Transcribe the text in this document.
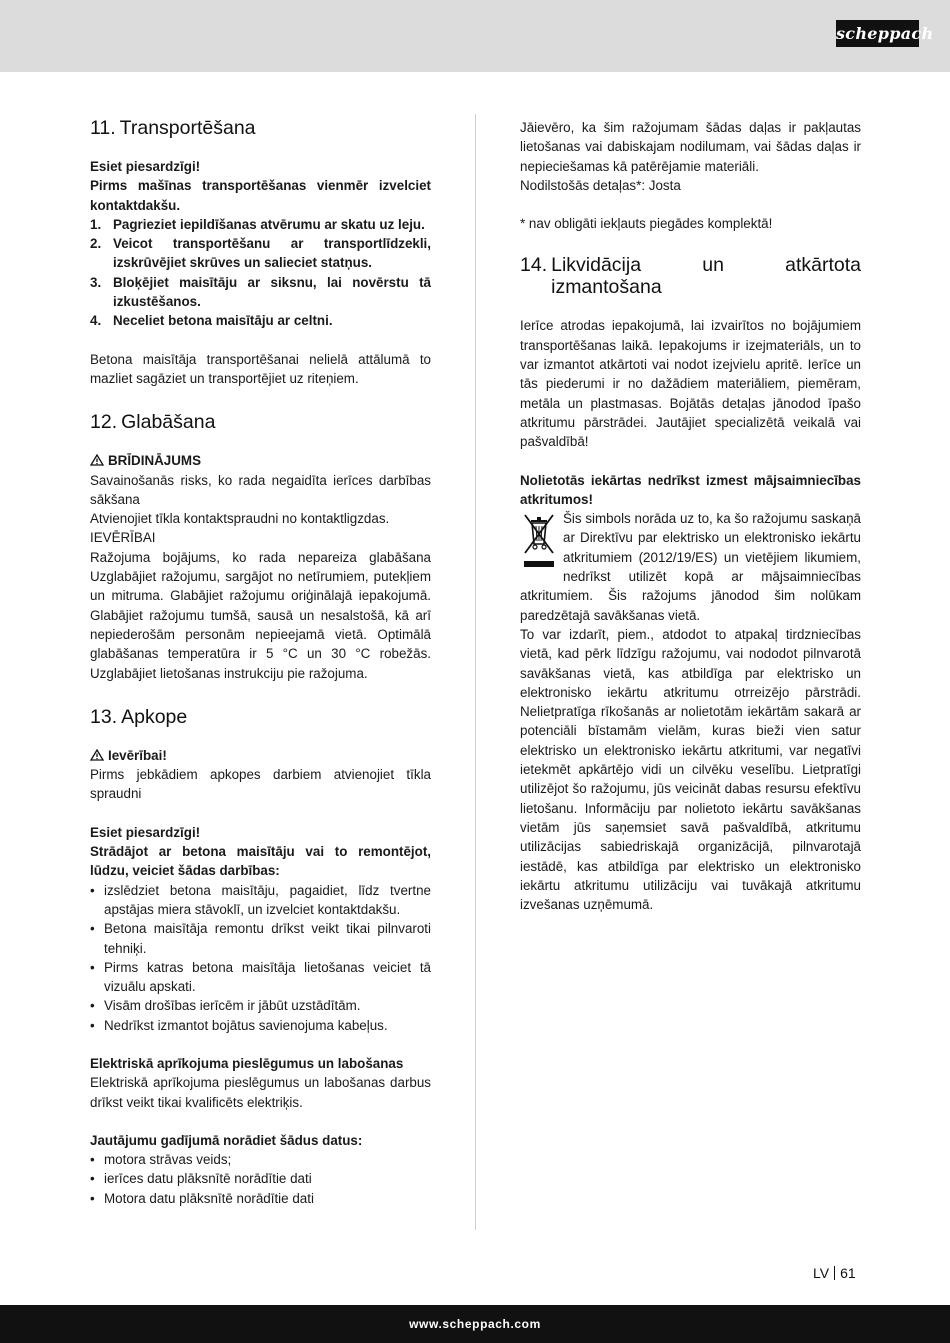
scheppach
11. Transportēšana

Esiet piesardzīgi!

Pirms mašīnas transportēšanas vienmēr izvelciet kontaktdakšu.

1. Pagrieziet iepildīšanas atvērumu ar skatu uz leju.
2. Veicot transportēšanu ar transportlīdzekli, izskrūvējiet skrūves un salieciet statņus.
3. Bloķējiet maisītāju ar siksnu, lai novērstu tā izkustēšanos.
4. Neceliet betona maisītāju ar celtni.

Betona maisītāja transportēšanai nelielā attālumā to mazliet sagāziet un transportējiet uz riteņiem.

12. Glabāšana

BRĪDINĀJUMS

Savainošanās risks, ko rada negaidīta ierīces darbības sākšana

Atvienojiet tīkla kontaktspraudni no kontaktligzdas.

IEVĒRĪBAI

Ražojuma bojājums, ko rada nepareiza glabāšana Uzglabājiet ražojumu, sargājot no netīrumiem, putekļiem un mitruma. Glabājiet ražojumu oriģinālajā iepakojumā. Glabājiet ražojumu tumšā, sausā un nesalstošā, kā arī nepiederošām personām nepieejamā vietā. Optimālā glabāšanas temperatūra ir 5 °C un 30 °C robežās. Uzglabājiet lietošanas instrukciju pie ražojuma.

13. Apkope

Ievērībai!

Pirms jebkādiem apkopes darbiem atvienojiet tīkla spraudni

Esiet piesardzīgi!

Strādājot ar betona maisītāju vai to remontējot, lūdzu, veiciet šādas darbības:

• izslēdziet betona maisītāju, pagaidiet, līdz tvertne apstājas miera stāvoklī, un izvelciet kontaktdakšu.
• Betona maisītāja remontu drīkst veikt tikai pilnvaroti tehniķi.
• Pirms katras betona maisītāja lietošanas veiciet tā vizuālu apskati.
• Visām drošības ierīcēm ir jābūt uzstādītām.
• Nedrīkst izmantot bojātus savienojuma kabeļus.

Elektriskā aprīkojuma pieslēgumus un labošanas

Elektriskā aprīkojuma pieslēgumus un labošanas darbus drīkst veikt tikai kvalificēts elektriķis.

Jautājumu gadījumā norādiet šādus datus:

• motora strāvas veids;
• ierīces datu plāksnītē norādītie dati
• Motora datu plāksnītē norādītie dati

Jāievēro, ka šim ražojumam šādas daļas ir pakļautas lietošanas vai dabiskajam nodilumam, vai šādas daļas ir nepieciešamas kā patērējamie materiāli.

Nodilstošās detaļas*: Josta

* nav obligāti iekļauts piegādes komplektā!

14. Likvidācija un atkārtota izmantošana

Ierīce atrodas iepakojumā, lai izvairītos no bojājumiem transportēšanas laikā. Iepakojums ir izejmateriāls, un to var izmantot atkārtoti vai nodot izejvielu apritē. Ierīce un tās piederumi ir no dažādiem materiāliem, piemēram, metāla un plastmasas. Bojātās detaļas jānodod īpašo atkritumu pārstrādei. Jautājiet specializētā veikalā vai pašvaldībā!

Nolietotās iekārtas nedrīkst izmest mājsaimniecības atkritumos!

Šis simbols norāda uz to, ka šo ražojumu saskaņā ar Direktīvu par elektrisko un elektronisko iekārtu atkritumiem (2012/19/ES) un vietējiem likumiem, nedrīkst utilizēt kopā ar mājsaimniecības atkritumiem. Šis ražojums jānodod šim nolūkam paredzētajā savākšanas vietā.

To var izdarīt, piem., atdodot to atpakaļ tirdzniecības vietā, kad pērk līdzīgu ražojumu, vai nododot pilnvarotā savākšanas vietā, kas atbildīga par elektrisko un elektronisko iekārtu atkritumu otrreizējo pārstrādi. Nelietpratīga rīkošanās ar nolietotām iekārtām sakarā ar potenciāli bīstamām vielām, kuras bieži vien satur elektrisko un elektronisko iekārtu atkritumi, var negatīvi ietekmēt apkārtējo vidi un cilvēku veselību. Lietpratīgi utilizējot šo ražojumu, jūs veicināt dabas resursu efektīvu lietošanu. Informāciju par nolietoto iekārtu savākšanas vietām jūs saņemsiet savā pašvaldībā, atkritumu utilizācijas sabiedriskajā organizācijā, pilnvarotajā iestādē, kas atbildīga par elektrisko un elektronisko iekārtu atkritumu utilizāciju vai tuvākajā atkritumu izvešanas uzņēmumā.

LV 61
www.scheppach.com
